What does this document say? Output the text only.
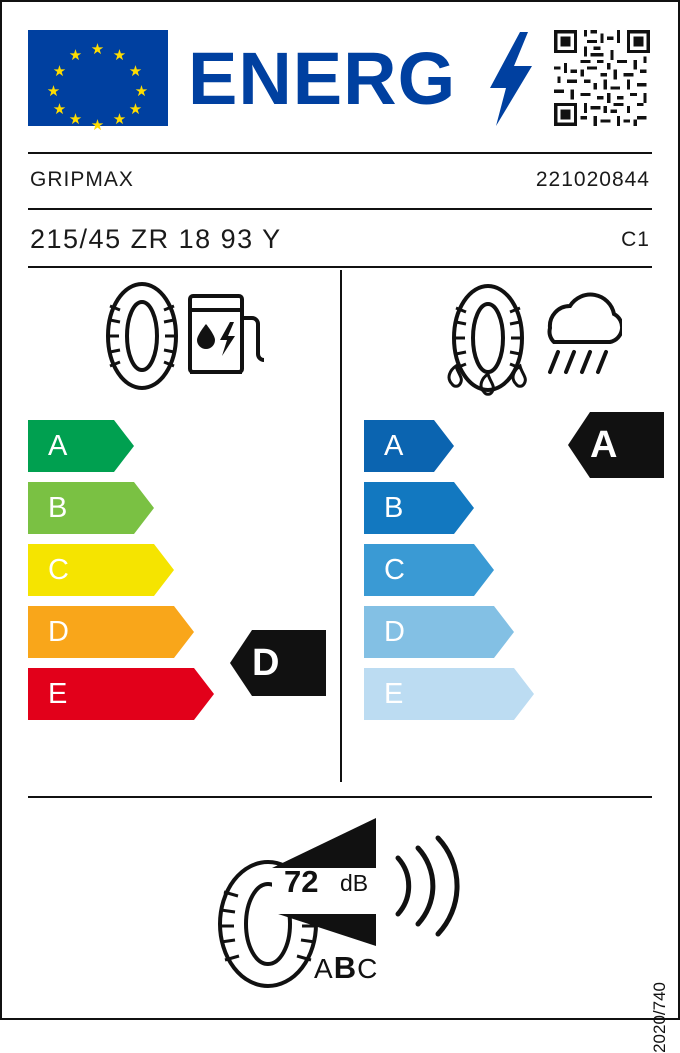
★
★ ★
★	★
★	★
★	★
★ ★
★
ENERG
GRIPMAX	221020844
215/45 ZR 18 93 Y	C1
A
B
C
D
E
A
B
C
D
E
D
A
72 dB
ABC
2020/740
